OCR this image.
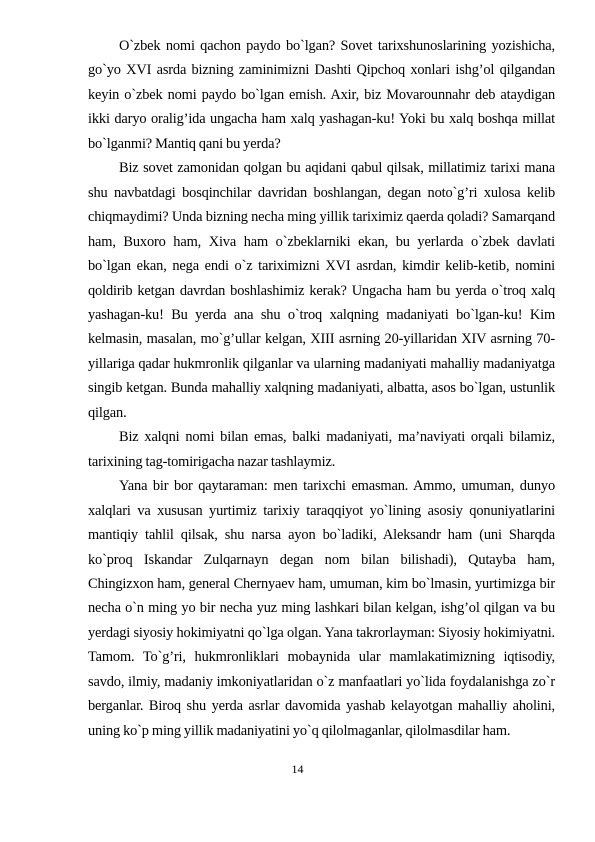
O`zbek nomi qachon paydo bo`lgan? Sovet tarixshunoslarining yozishicha, go`yo XVI asrda bizning zaminimizni Dashti Qipchoq xonlari ishg’ol qilgandan keyin o`zbek nomi paydo bo`lgan emish. Axir, biz Movarounnahr deb ataydigan ikki daryo oralig’ida ungacha ham xalq yashagan-ku! Yoki bu xalq boshqa millat bo`lganmi? Mantiq qani bu yerda?

Biz sovet zamonidan qolgan bu aqidani qabul qilsak, millatimiz tarixi mana shu navbatdagi bosqinchilar davridan boshlangan, degan noto`g’ri xulosa kelib chiqmaydimi? Unda bizning necha ming yillik tariximiz qaerda qoladi? Samarqand ham, Buxoro ham, Xiva ham o`zbeklarniki ekan, bu yerlarda o`zbek davlati bo`lgan ekan, nega endi o`z tariximizni XVI asrdan, kimdir kelib-ketib, nomini qoldirib ketgan davrdan boshlashimiz kerak? Ungacha ham bu yerda o`troq xalq yashagan-ku! Bu yerda ana shu o`troq xalqning madaniyati bo`lgan-ku! Kim kelmasin, masalan, mo`g’ullar kelgan, XIII asrning 20-yillaridan XIV asrning 70-yillariga qadar hukmronlik qilganlar va ularning madaniyati mahalliy madaniyatga singib ketgan. Bunda mahalliy xalqning madaniyati, albatta, asos bo`lgan, ustunlik qilgan.

Biz xalqni nomi bilan emas, balki madaniyati, ma’naviyati orqali bilamiz, tarixining tag-tomirigacha nazar tashlaymiz.

Yana bir bor qaytaraman: men tarixchi emasman. Ammo, umuman, dunyo xalqlari va xususan yurtimiz tarixiy taraqqiyot yo`lining asosiy qonuniyatlarini mantiqiy tahlil qilsak, shu narsa ayon bo`ladiki, Aleksandr ham (uni Sharqda ko`proq Iskandar Zulqarnayn degan nom bilan bilishadi), Qutayba ham, Chingizxon ham, general Chernyaev ham, umuman, kim bo`lmasin, yurtimizga bir necha o`n ming yo bir necha yuz ming lashkari bilan kelgan, ishg’ol qilgan va bu yerdagi siyosiy hokimiyatni qo`lga olgan. Yana takrorlayman: Siyosiy hokimiyatni. Tamom. To`g’ri, hukmronliklari mobaynida ular mamlakatimizning iqtisodiy, savdo, ilmiy, madaniy imkoniyatlaridan o`z manfaatlari yo`lida foydalanishga zo`r berganlar. Biroq shu yerda asrlar davomida yashab kelayotgan mahalliy aholini, uning ko`p ming yillik madaniyatini yo`q qilolmaganlar, qilolmasdilar ham.

14
